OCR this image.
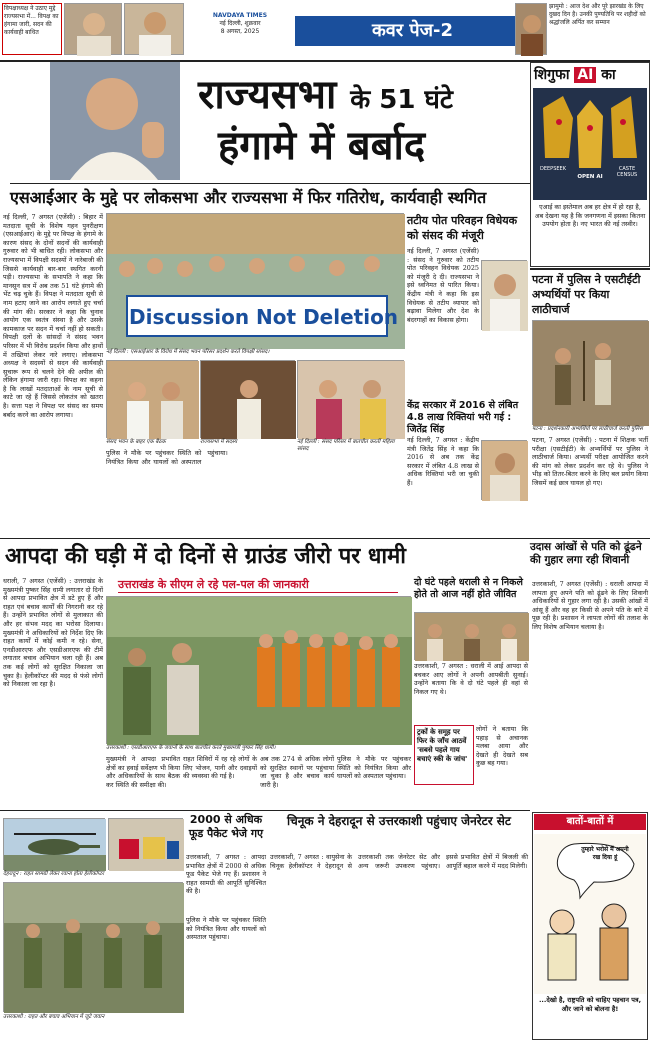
विपक्षाध्यक्ष ने उठाए मुद्दे राज्यसभा में... विपक्ष का हंगामा जारी, सदन की कार्यवाही बाधित
NAVDAYA TIMES
नई दिल्ली, शुक्रवार
8 अगस्त, 2025	कवर पेज-2
झामुमो : आज देश और पूरे झारखंड के लिए दुखद दिन है। उनकी पुण्यतिथि पर शहीदों को श्रद्धांजलि अर्पित कर सम्मान
राज्यसभा के 51 घंटे
हंगामे में बर्बाद
एसआईआर के मुद्दे पर लोकसभा और राज्यसभा में फिर गतिरोध, कार्यवाही स्थगित
शिगुफा AI का
DEEPSEEK
OPEN AI
CASTE CENSUS
एआई का इस्तेमाल अब हर क्षेत्र में हो रहा है, अब देखना यह है कि जनगणना में इसका कितना उपयोग होता है। नए भारत की नई तस्वीर।
नई दिल्ली, 7 अगस्त (एजेंसी) : बिहार में मतदाता सूची के विशेष गहन पुनरीक्षण (एसआईआर) के मुद्दे पर विपक्ष के हंगामे के कारण संसद के दोनों सदनों की कार्यवाही गुरुवार को भी बाधित रही। लोकसभा और राज्यसभा में विपक्षी सदस्यों ने नारेबाजी की जिससे कार्यवाही बार-बार स्थगित करनी पड़ी। राज्यसभा के सभापति ने कहा कि मानसून सत्र में अब तक 51 घंटे हंगामे की भेंट चढ़ चुके हैं। विपक्ष ने मतदाता सूची से नाम हटाए जाने का आरोप लगाते हुए चर्चा की मांग की। सरकार ने कहा कि चुनाव आयोग एक स्वतंत्र संस्था है और उसके कामकाज पर सदन में चर्चा नहीं हो सकती। विपक्षी दलों के सांसदों ने संसद भवन परिसर में भी विरोध प्रदर्शन किया और हाथों में तख्तियां लेकर नारे लगाए। लोकसभा अध्यक्ष ने सदस्यों से सदन की कार्यवाही सुचारू रूप से चलने देने की अपील की लेकिन हंगामा जारी रहा। विपक्ष का कहना है कि लाखों मतदाताओं के नाम सूची से काटे जा रहे हैं जिससे लोकतंत्र को खतरा है। सत्ता पक्ष ने विपक्ष पर संसद का समय बर्बाद करने का आरोप लगाया।
Discussion Not Deletion
नई दिल्ली : एसआईआर के विरोध में संसद भवन परिसर प्रदर्शन करते विपक्षी सांसद।
संसद भवन के बाहर एक बैठक	राज्यसभा में सदस्य	नई दिल्ली : संसद परिसर में बातचीत करतीं महिला सांसद
पुलिस ने मौके पर पहुंचकर स्थिति को नियंत्रित किया और घायलों को अस्पताल पहुंचाया।
तटीय पोत परिवहन विधेयक को संसद की मंजूरी
नई दिल्ली, 7 अगस्त (एजेंसी) : संसद ने गुरुवार को तटीय पोत परिवहन विधेयक 2025 को मंजूरी दे दी। राज्यसभा ने इसे ध्वनिमत से पारित किया। केंद्रीय मंत्री ने कहा कि इस विधेयक से तटीय व्यापार को बढ़ावा मिलेगा और देश के बंदरगाहों का विकास होगा।
केंद्र सरकार में 2016 से लंबित 4.8 लाख रिक्तियां भरी गई : जितेंद्र सिंह
नई दिल्ली, 7 अगस्त : केंद्रीय मंत्री जितेंद्र सिंह ने कहा कि 2016 से अब तक केंद्र सरकार में लंबित 4.8 लाख से अधिक रिक्तियां भरी जा चुकी हैं।
पटना में पुलिस ने एसटीईटी अभ्यर्थियों पर किया लाठीचार्ज
पटना : प्रदर्शनकारी अभ्यर्थियों पर लाठीचार्ज करती पुलिस
पटना, 7 अगस्त (एजेंसी) : पटना में शिक्षक भर्ती परीक्षा (एसटीईटी) के अभ्यर्थियों पर पुलिस ने लाठीचार्ज किया। अभ्यर्थी परीक्षा आयोजित करने की मांग को लेकर प्रदर्शन कर रहे थे। पुलिस ने भीड़ को तितर-बितर करने के लिए बल प्रयोग किया जिसमें कई छात्र घायल हो गए।
आपदा की घड़ी में दो दिनों से ग्राउंड जीरो पर धामी
उत्तराखंड के सीएम ले रहे पल-पल की जानकारी
धराली, 7 अगस्त (एजेंसी) : उत्तराखंड के मुख्यमंत्री पुष्कर सिंह धामी लगातार दो दिनों से आपदा प्रभावित क्षेत्र में डटे हुए हैं और राहत एवं बचाव कार्यों की निगरानी कर रहे हैं। उन्होंने प्रभावित लोगों से मुलाकात की और हर संभव मदद का भरोसा दिलाया। मुख्यमंत्री ने अधिकारियों को निर्देश दिए कि राहत कार्यों में कोई कमी न रहे। सेना, एनडीआरएफ और एसडीआरएफ की टीमें लगातार बचाव अभियान चला रही हैं। अब तक कई लोगों को सुरक्षित निकाला जा चुका है। हेलीकॉप्टर की मदद से फंसे लोगों को निकाला जा रहा है।
उत्तरकाशी : एसडीआरएफ के जवानों के साथ बातचीत करते मुख्यमंत्री पुष्कर सिंह धामी।
मुख्यमंत्री ने आपदा प्रभावित क्षेत्रों का हवाई सर्वेक्षण भी किया और अधिकारियों के साथ बैठक कर स्थिति की समीक्षा की।
राहत शिविरों में रह रहे लोगों के लिए भोजन, पानी और दवाइयों की व्यवस्था की गई है।
अब तक 274 से अधिक लोगों को सुरक्षित स्थानों पर पहुंचाया जा चुका है और बचाव कार्य जारी है।
पुलिस ने मौके पर पहुंचकर स्थिति को नियंत्रित किया और घायलों को अस्पताल पहुंचाया।
दो घंटे पहले धराली से न निकले होते तो आज नहीं होते जीवित
उत्तरकाशी, 7 अगस्त : धराली में आई आपदा से बचकर आए लोगों ने अपनी आपबीती सुनाई। उन्होंने बताया कि वे दो घंटे पहले ही वहां से निकल गए थे।
ट्रकों के समूह पर फिर के जाँच आठवें 'सबसे पहले गाय बचाएं स्की के जांच'
लोगों ने बताया कि पहाड़ से अचानक मलबा आया और देखते ही देखते सब कुछ बह गया।
उदास आंखों से पति को ढूंढने की गुहार लगा रही शिवानी
उत्तरकाशी, 7 अगस्त (एजेंसी) : धराली आपदा में लापता हुए अपने पति को ढूंढने के लिए शिवानी अधिकारियों से गुहार लगा रही है। उसकी आंखों में आंसू हैं और वह हर किसी से अपने पति के बारे में पूछ रही है। प्रशासन ने लापता लोगों की तलाश के लिए विशेष अभियान चलाया है।
देहरादून : राहत सामग्री लेकर रवाना होता हेलीकॉप्टर
2000 से अधिक फूड पैकेट भेजे गए
उत्तरकाशी, 7 अगस्त : आपदा प्रभावित क्षेत्रों में 2000 से अधिक फूड पैकेट भेजे गए हैं। प्रशासन ने राहत सामग्री की आपूर्ति सुनिश्चित की है।
चिनूक ने देहरादून से उत्तरकाशी पहुंचाए जेनरेटर सेट
उत्तरकाशी, 7 अगस्त : वायुसेना के चिनूक हेलीकॉप्टर ने देहरादून से उत्तरकाशी तक जेनरेटर सेट और अन्य जरूरी उपकरण पहुंचाए। इससे प्रभावित क्षेत्रों में बिजली की आपूर्ति बहाल करने में मदद मिलेगी।
उत्तरकाशी : राहत और बचाव अभियान में जुटे जवान
पुलिस ने मौके पर पहुंचकर स्थिति को नियंत्रित किया और घायलों को अस्पताल पहुंचाया।
बातों-बातों में
तुम्हारे भरोसे मैं अपनी रख दिया हूं
...देखो है, राष्ट्रपति को चाहिए पहचान पत्र, और जाने को बोलना है!
